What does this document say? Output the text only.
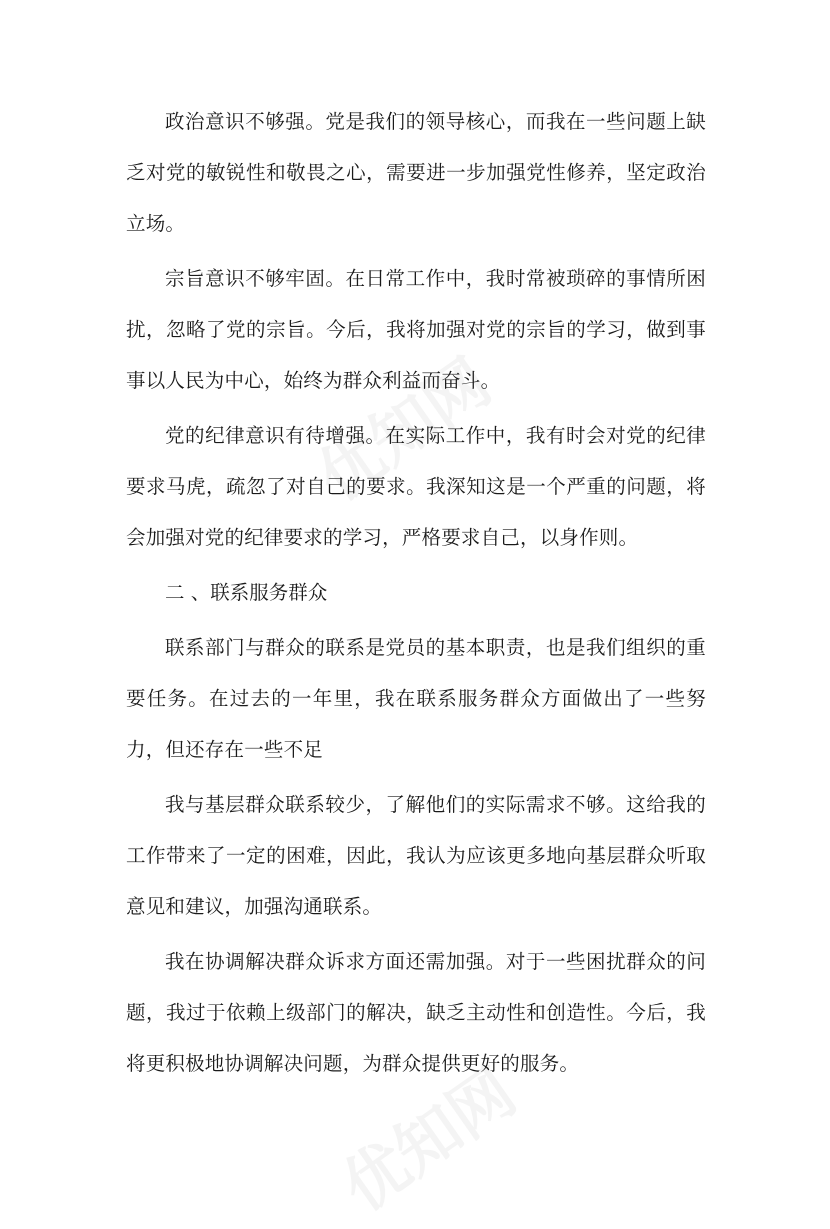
政治意识不够强。党是我们的领导核心，而我在一些问题上缺乏对党的敏锐性和敬畏之心，需要进一步加强党性修养，坚定政治立场。

宗旨意识不够牢固。在日常工作中，我时常被琐碎的事情所困扰，忽略了党的宗旨。今后，我将加强对党的宗旨的学习，做到事事以人民为中心，始终为群众利益而奋斗。

党的纪律意识有待增强。在实际工作中，我有时会对党的纪律要求马虎，疏忽了对自己的要求。我深知这是一个严重的问题，将会加强对党的纪律要求的学习，严格要求自己，以身作则。

二 、联系服务群众

联系部门与群众的联系是党员的基本职责，也是我们组织的重要任务。在过去的一年里，我在联系服务群众方面做出了一些努力，但还存在一些不足

我与基层群众联系较少，了解他们的实际需求不够。这给我的工作带来了一定的困难，因此，我认为应该更多地向基层群众听取意见和建议，加强沟通联系。

我在协调解决群众诉求方面还需加强。对于一些困扰群众的问题，我过于依赖上级部门的解决，缺乏主动性和创造性。今后，我将更积极地协调解决问题，为群众提供更好的服务。
